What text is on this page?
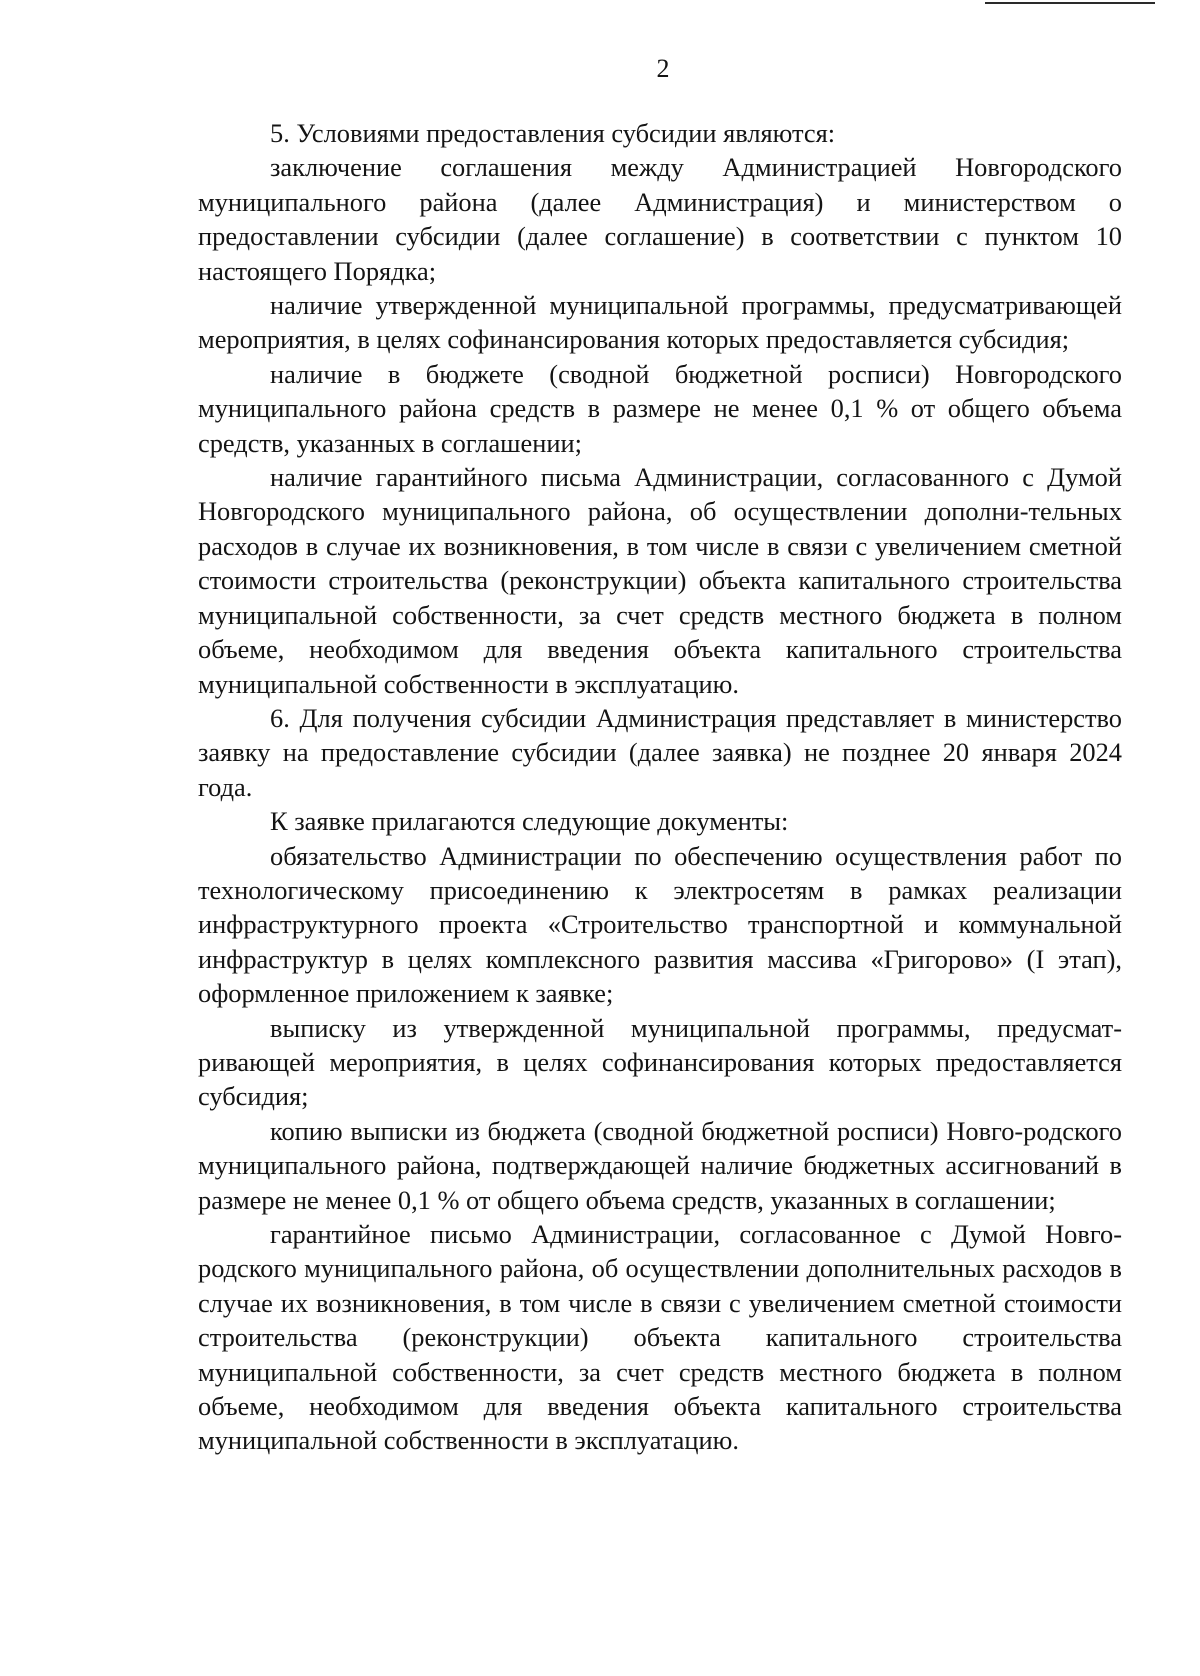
2

5. Условиями предоставления субсидии являются:

заключение соглашения между Администрацией Новгородского муниципального района (далее Администрация) и министерством о предоставлении субсидии (далее соглашение) в соответствии с пунктом 10 настоящего Порядка;

наличие утвержденной муниципальной программы, предусматривающей мероприятия, в целях софинансирования которых предоставляется субсидия;

наличие в бюджете (сводной бюджетной росписи) Новгородского муниципального района средств в размере не менее 0,1 % от общего объема средств, указанных в соглашении;

наличие гарантийного письма Администрации, согласованного с Думой Новгородского муниципального района, об осуществлении дополни-тельных расходов в случае их возникновения, в том числе в связи с увеличением сметной стоимости строительства (реконструкции) объекта капитального строительства муниципальной собственности, за счет средств местного бюджета в полном объеме, необходимом для введения объекта капитального строительства муниципальной собственности в эксплуатацию.

6. Для получения субсидии Администрация представляет в министерство заявку на предоставление субсидии (далее заявка) не позднее 20 января 2024 года.

К заявке прилагаются следующие документы:

обязательство Администрации по обеспечению осуществления работ по технологическому присоединению к электросетям в рамках реализации инфраструктурного проекта «Строительство транспортной и коммунальной инфраструктур в целях комплексного развития массива «Григорово» (I этап), оформленное приложением к заявке;

выписку из утвержденной муниципальной программы, предусмат-ривающей мероприятия, в целях софинансирования которых предоставляется субсидия;

копию выписки из бюджета (сводной бюджетной росписи) Новго-родского муниципального района, подтверждающей наличие бюджетных ассигнований в размере не менее 0,1 % от общего объема средств, указанных в соглашении;

гарантийное письмо Администрации, согласованное с Думой Новго-родского муниципального района, об осуществлении дополнительных расходов в случае их возникновения, в том числе в связи с увеличением сметной стоимости строительства (реконструкции) объекта капитального строительства муниципальной собственности, за счет средств местного бюджета в полном объеме, необходимом для введения объекта капитального строительства муниципальной собственности в эксплуатацию.
